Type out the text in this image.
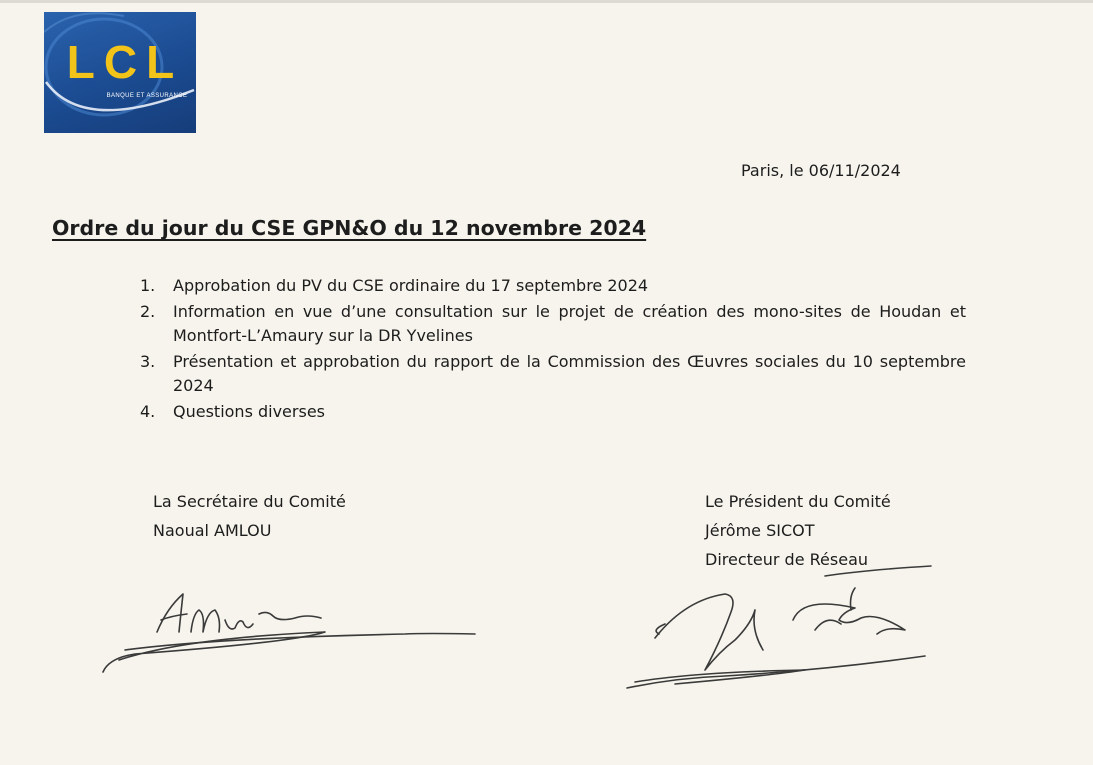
LCL
BANQUE ET ASSURANCE
Paris, le 06/11/2024
Ordre du jour du CSE GPN&O du 12 novembre 2024
1. Approbation du PV du CSE ordinaire du 17 septembre 2024
2. Information en vue d’une consultation sur le projet de création des mono-sites de Houdan et Montfort-L’Amaury sur la DR Yvelines
3. Présentation et approbation du rapport de la Commission des Œuvres sociales du 10 septembre 2024
4. Questions diverses
La Secrétaire du Comité
Naoual AMLOU
Le Président du Comité
Jérôme SICOT
Directeur de Réseau
